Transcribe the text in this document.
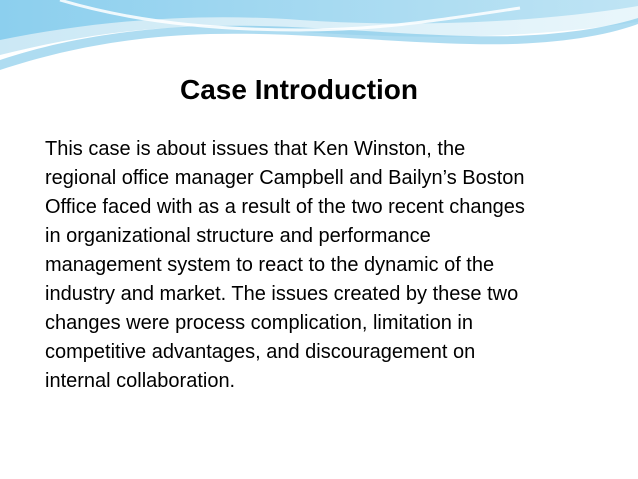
Case Introduction
This case is about issues that Ken Winston, the
regional office manager Campbell and Bailyn’s Boston
Office faced with as a result of the two recent changes
in organizational structure and performance
management system to react to the dynamic of the
industry and market. The issues created by these two
changes were process complication, limitation in
competitive advantages, and discouragement on
internal collaboration.
